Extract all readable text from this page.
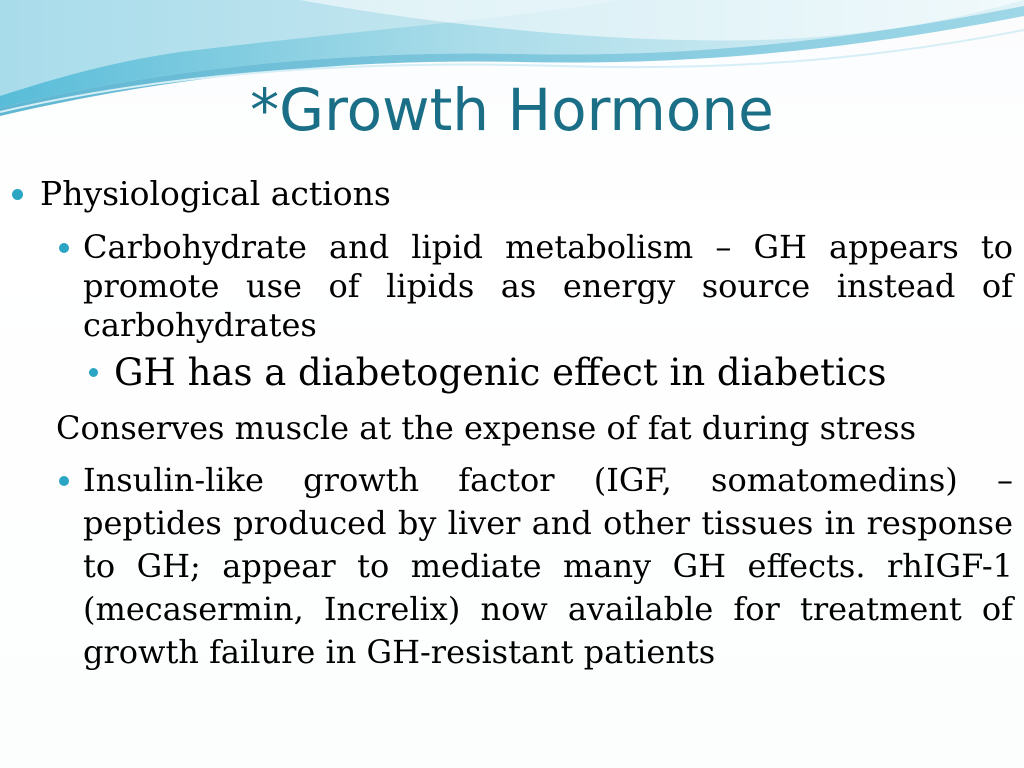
*Growth Hormone
Physiological actions
Carbohydrate and lipid metabolism – GH appears to promote use of lipids as energy source instead of carbohydrates
GH has a diabetogenic effect in diabetics
Conserves muscle at the expense of fat during stress
Insulin-like growth factor (IGF, somatomedins) – peptides produced by liver and other tissues in response to GH; appear to mediate many GH effects. rhIGF-1 (mecasermin, Increlix) now available for treatment of growth failure in GH-resistant patients
